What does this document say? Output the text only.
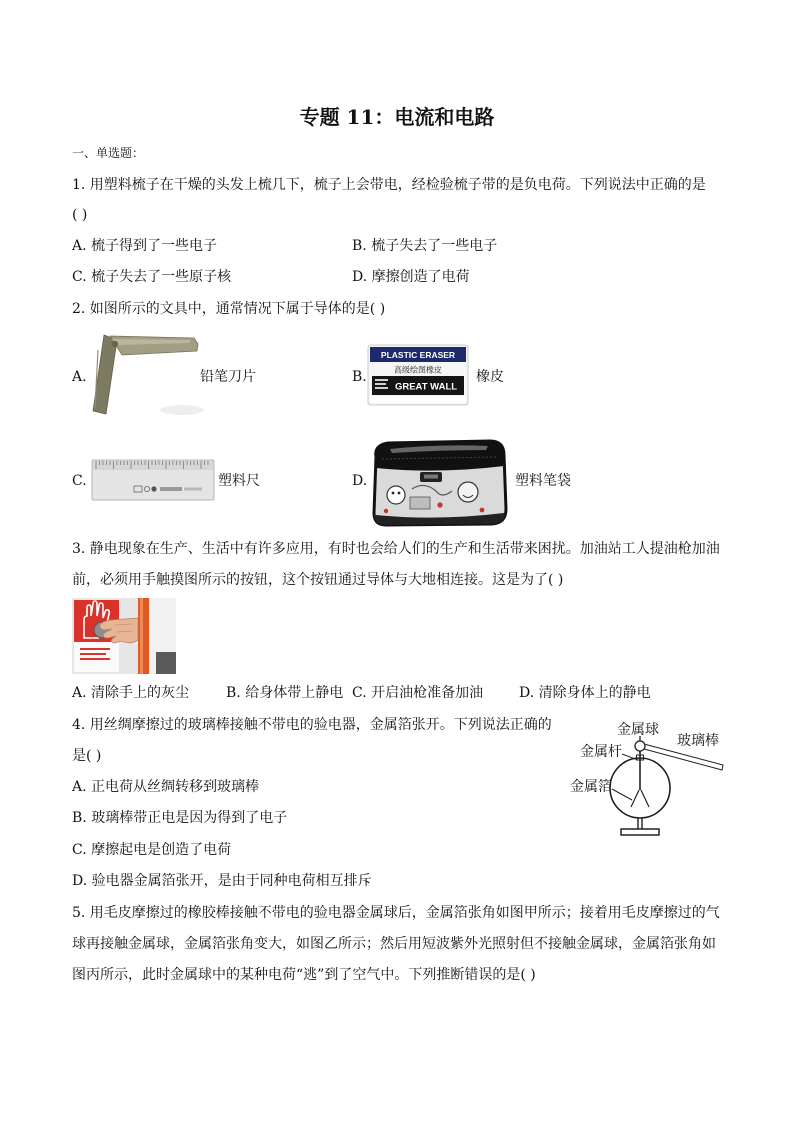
专题 11：电流和电路
一、单选题：
1. 用塑料梳子在干燥的头发上梳几下，梳子上会带电，经检验梳子带的是负电荷。下列说法中正确的是
( )
A. 梳子得到了一些电子	B. 梳子失去了一些电子
C. 梳子失去了一些原子核	D. 摩擦创造了电荷
2. 如图所示的文具中，通常情况下属于导体的是( )
A.	铅笔刀片	B.
PLASTIC ERASER
高级绘图橡皮
GREAT WALL
橡皮
C.	塑料尺	D.	塑料笔袋
3. 静电现象在生产、生活中有许多应用，有时也会给人们的生产和生活带来困扰。加油站工人提油枪加油
前，必须用手触摸图所示的按钮，这个按钮通过导体与大地相连接。这是为了( )
A. 清除手上的灰尘	B. 给身体带上静电 C. 开启油枪准备加油	D. 清除身体上的静电
4. 用丝绸摩擦过的玻璃棒接触不带电的验电器，金属箔张开。下列说法正确的
是( )
A. 正电荷从丝绸转移到玻璃棒
B. 玻璃棒带正电是因为得到了电子
C. 摩擦起电是创造了电荷
D. 验电器金属箔张开，是由于同种电荷相互排斥
金属球
玻璃棒
金属杆
金属箔
5. 用毛皮摩擦过的橡胶棒接触不带电的验电器金属球后，金属箔张角如图甲所示；接着用毛皮摩擦过的气
球再接触金属球，金属箔张角变大，如图乙所示；然后用短波紫外光照射但不接触金属球，金属箔张角如
图丙所示，此时金属球中的某种电荷“逃”到了空气中。下列推断错误的是( )
